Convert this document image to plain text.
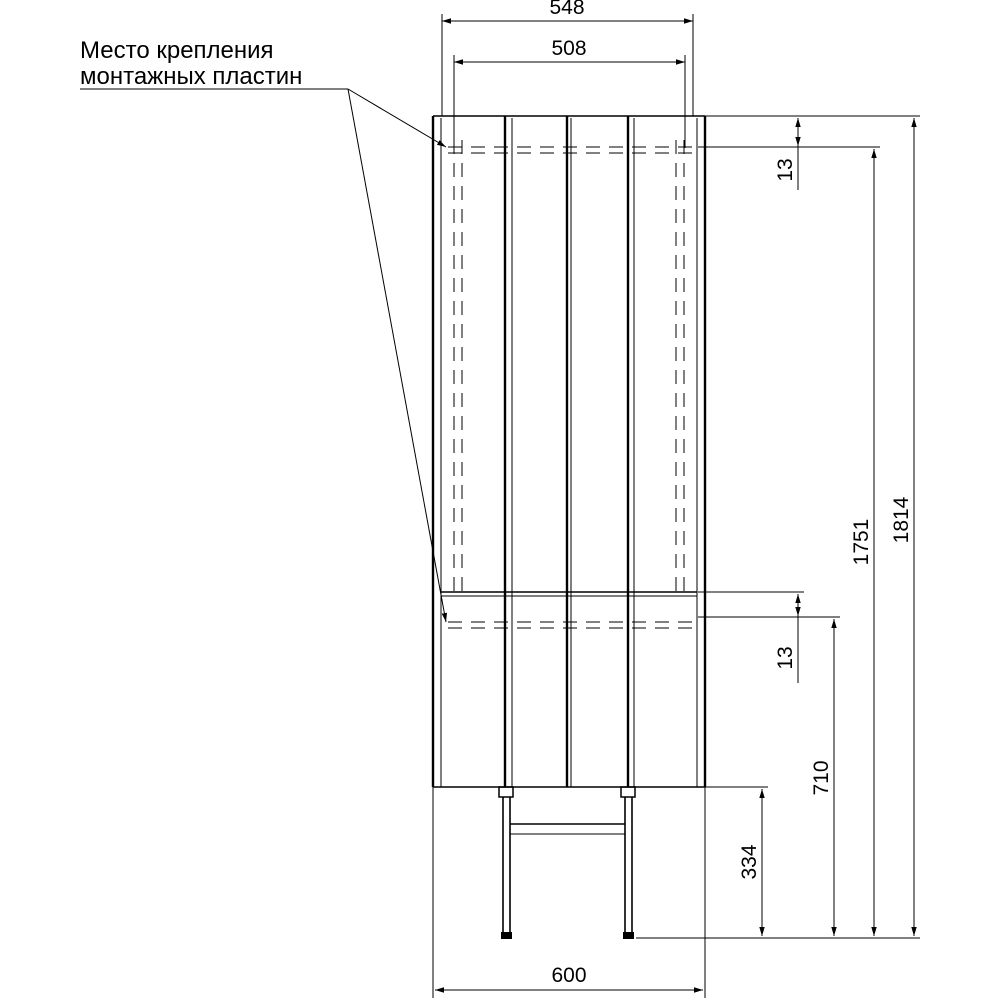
548
508
Место крепления
монтажных пластин
13
13
334
710
1751 1814
600
